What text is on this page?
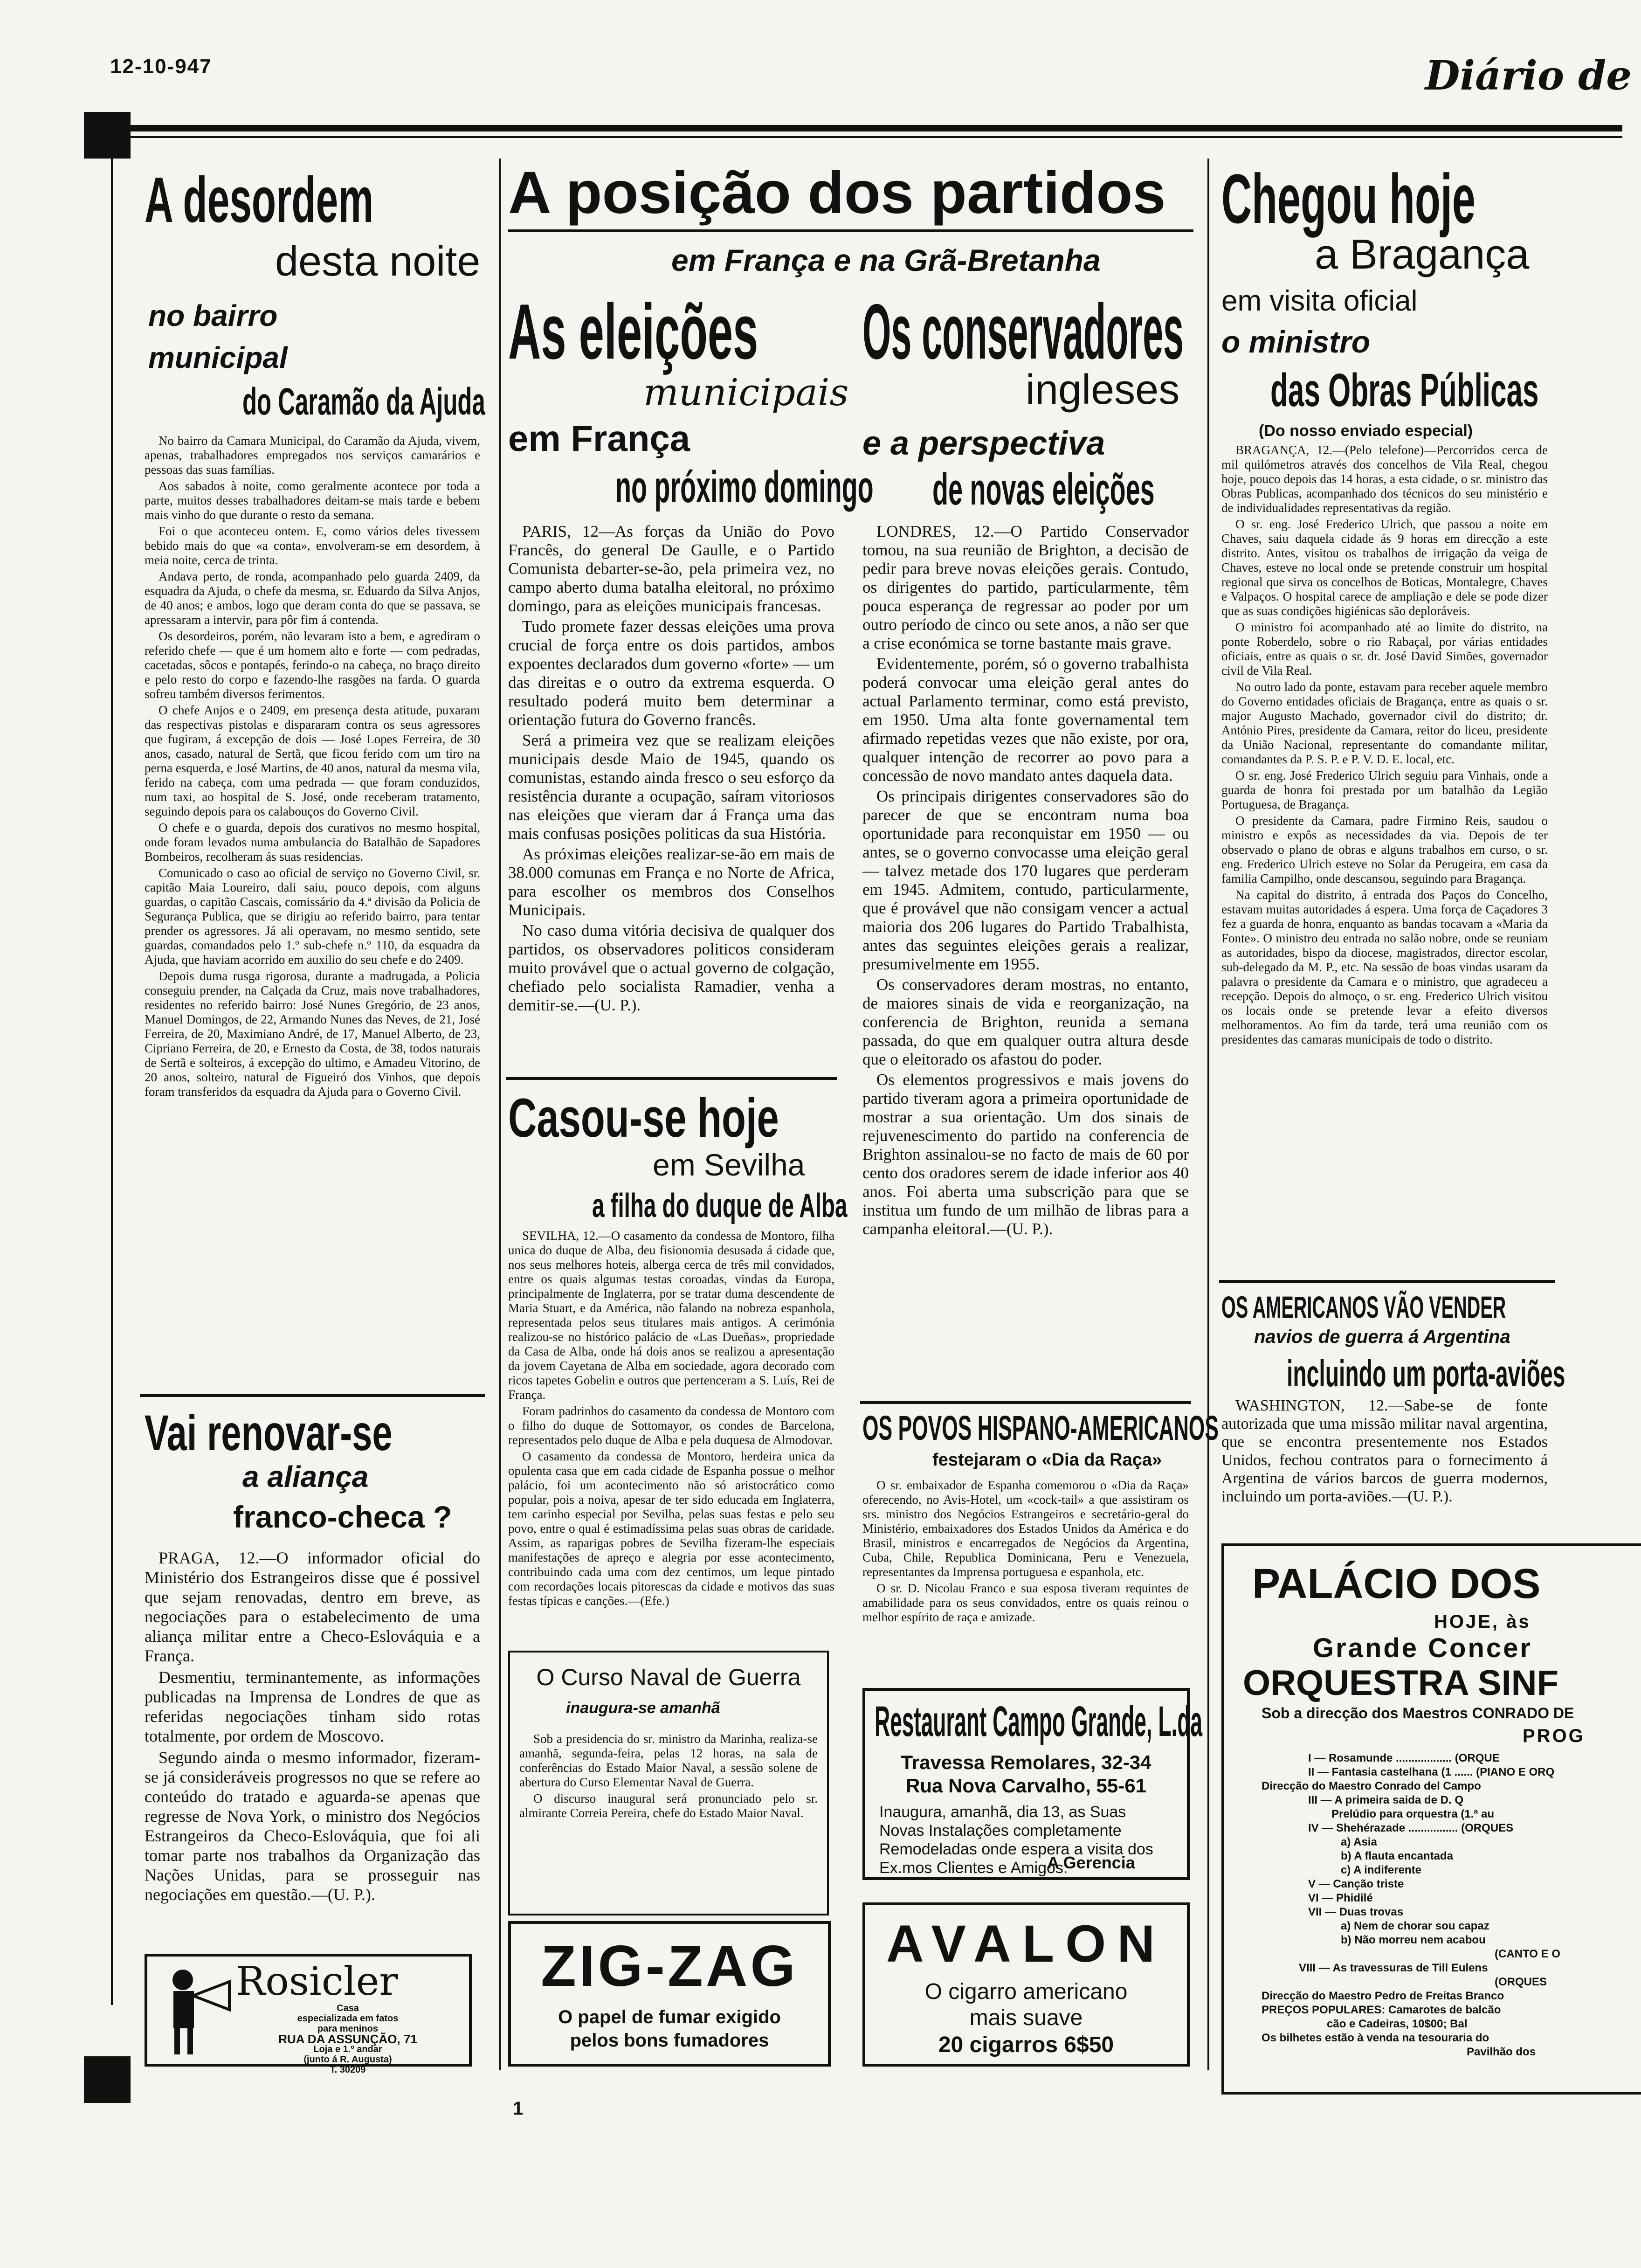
12-10-947	Diário de
A desordem
desta noite
no bairro
municipal
do Caramão da Ajuda

No bairro da Camara Municipal, do Caramão da Ajuda, vivem, apenas, trabalhadores empregados nos serviços camarários e pessoas das suas famílias.

Aos sabados à noite, como geralmente acontece por toda a parte, muitos desses trabalhadores deitam-se mais tarde e bebem mais vinho do que durante o resto da semana.

Foi o que aconteceu ontem. E, como vários deles tivessem bebido mais do que «a conta», envolveram-se em desordem, à meia noite, cerca de trinta.

Andava perto, de ronda, acompanhado pelo guarda 2409, da esquadra da Ajuda, o chefe da mesma, sr. Eduardo da Silva Anjos, de 40 anos; e ambos, logo que deram conta do que se passava, se apressaram a intervir, para pôr fim á contenda.

Os desordeiros, porém, não levaram isto a bem, e agrediram o referido chefe — que é um homem alto e forte — com pedradas, cacetadas, sôcos e pontapés, ferindo-o na cabeça, no braço direito e pelo resto do corpo e fazendo-lhe rasgões na farda. O guarda sofreu também diversos ferimentos.

O chefe Anjos e o 2409, em presença desta atitude, puxaram das respectivas pistolas e dispararam contra os seus agressores que fugiram, á excepção de dois — José Lopes Ferreira, de 30 anos, casado, natural de Sertã, que ficou ferido com um tiro na perna esquerda, e José Martins, de 40 anos, natural da mesma vila, ferido na cabeça, com uma pedrada — que foram conduzidos, num taxi, ao hospital de S. José, onde receberam tratamento, seguindo depois para os calabouços do Governo Civil.

O chefe e o guarda, depois dos curativos no mesmo hospital, onde foram levados numa ambulancia do Batalhão de Sapadores Bombeiros, recolheram ás suas residencias.

Comunicado o caso ao oficial de serviço no Governo Civil, sr. capitão Maia Loureiro, dali saiu, pouco depois, com alguns guardas, o capitão Cascais, comissário da 4.ª divisão da Policia de Segurança Publica, que se dirigiu ao referido bairro, para tentar prender os agressores. Já ali operavam, no mesmo sentido, sete guardas, comandados pelo 1.º sub-chefe n.º 110, da esquadra da Ajuda, que haviam acorrido em auxilio do seu chefe e do 2409.

Depois duma rusga rigorosa, durante a madrugada, a Policia conseguiu prender, na Calçada da Cruz, mais nove trabalhadores, residentes no referido bairro: José Nunes Gregório, de 23 anos, Manuel Domingos, de 22, Armando Nunes das Neves, de 21, José Ferreira, de 20, Maximiano André, de 17, Manuel Alberto, de 23, Cipriano Ferreira, de 20, e Ernesto da Costa, de 38, todos naturais de Sertã e solteiros, á excepção do ultimo, e Amadeu Vitorino, de 20 anos, solteiro, natural de Figueiró dos Vinhos, que depois foram transferidos da esquadra da Ajuda para o Governo Civil.

Vai renovar-se
a aliança
franco-checa ?

PRAGA, 12.—O informador oficial do Ministério dos Estrangeiros disse que é possivel que sejam renovadas, dentro em breve, as negociações para o estabelecimento de uma aliança militar entre a Checo-Eslováquia e a França.

Desmentiu, terminantemente, as informações publicadas na Imprensa de Londres de que as referidas negociações tinham sido rotas totalmente, por ordem de Moscovo.

Segundo ainda o mesmo informador, fizeram-se já consideráveis progressos no que se refere ao conteúdo do tratado e aguarda-se apenas que regresse de Nova York, o ministro dos Negócios Estrangeiros da Checo-Eslováquia, que foi ali tomar parte nos trabalhos da Organização das Nações Unidas, para se prosseguir nas negociações em questão.—(U. P.).

Rosicler
Casa
especializada em fatos
para meninos
RUA DA ASSUNÇÃO, 71
Loja e 1.º andar
(junto á R. Augusta)
T. 30209
A posição dos partidos
em França e na Grã-Bretanha
As eleições
municipais
em França
no próximo domingo

PARIS, 12—As forças da União do Povo Francês, do general De Gaulle, e o Partido Comunista debarter-se-ão, pela primeira vez, no campo aberto duma batalha eleitoral, no próximo domingo, para as eleições municipais francesas.

Tudo promete fazer dessas eleições uma prova crucial de força entre os dois partidos, ambos expoentes declarados dum governo «forte» — um das direitas e o outro da extrema esquerda. O resultado poderá muito bem determinar a orientação futura do Governo francês.

Será a primeira vez que se realizam eleições municipais desde Maio de 1945, quando os comunistas, estando ainda fresco o seu esforço da resistência durante a ocupação, saíram vitoriosos nas eleições que vieram dar á França uma das mais confusas posições politicas da sua História.

As próximas eleições realizar-se-ão em mais de 38.000 comunas em França e no Norte de Africa, para escolher os membros dos Conselhos Municipais.

No caso duma vitória decisiva de qualquer dos partidos, os observadores politicos consideram muito provável que o actual governo de colgação, chefiado pelo socialista Ramadier, venha a demitir-se.—(U. P.).

Os conservadores
ingleses
e a perspectiva
de novas eleições

LONDRES, 12.—O Partido Conservador tomou, na sua reunião de Brighton, a decisão de pedir para breve novas eleições gerais. Contudo, os dirigentes do partido, particularmente, têm pouca esperança de regressar ao poder por um outro período de cinco ou sete anos, a não ser que a crise económica se torne bastante mais grave.

Evidentemente, porém, só o governo trabalhista poderá convocar uma eleição geral antes do actual Parlamento terminar, como está previsto, em 1950. Uma alta fonte governamental tem afirmado repetidas vezes que não existe, por ora, qualquer intenção de recorrer ao povo para a concessão de novo mandato antes daquela data.

Os principais dirigentes conservadores são do parecer de que se encontram numa boa oportunidade para reconquistar em 1950 — ou antes, se o governo convocasse uma eleição geral — talvez metade dos 170 lugares que perderam em 1945. Admitem, contudo, particularmente, que é provável que não consigam vencer a actual maioria dos 206 lugares do Partido Trabalhista, antes das seguintes eleições gerais a realizar, presumivelmente em 1955.

Os conservadores deram mostras, no entanto, de maiores sinais de vida e reorganização, na conferencia de Brighton, reunida a semana passada, do que em qualquer outra altura desde que o eleitorado os afastou do poder.

Os elementos progressivos e mais jovens do partido tiveram agora a primeira oportunidade de mostrar a sua orientação. Um dos sinais de rejuvenescimento do partido na conferencia de Brighton assinalou-se no facto de mais de 60 por cento dos oradores serem de idade inferior aos 40 anos. Foi aberta uma subscrição para que se institua um fundo de um milhão de libras para a campanha eleitoral.—(U. P.).

Casou-se hoje
em Sevilha
a filha do duque de Alba

SEVILHA, 12.—O casamento da condessa de Montoro, filha unica do duque de Alba, deu fisionomia desusada á cidade que, nos seus melhores hoteis, alberga cerca de três mil convidados, entre os quais algumas testas coroadas, vindas da Europa, principalmente de Inglaterra, por se tratar duma descendente de Maria Stuart, e da América, não falando na nobreza espanhola, representada pelos seus titulares mais antigos. A cerimónia realizou-se no histórico palácio de «Las Dueñas», propriedade da Casa de Alba, onde há dois anos se realizou a apresentação da jovem Cayetana de Alba em sociedade, agora decorado com ricos tapetes Gobelin e outros que pertenceram a S. Luís, Rei de França.

Foram padrinhos do casamento da condessa de Montoro com o filho do duque de Sottomayor, os condes de Barcelona, representados pelo duque de Alba e pela duquesa de Almodovar.

O casamento da condessa de Montoro, herdeira unica da opulenta casa que em cada cidade de Espanha possue o melhor palácio, foi um acontecimento não só aristocrático como popular, pois a noiva, apesar de ter sido educada em Inglaterra, tem carinho especial por Sevilha, pelas suas festas e pelo seu povo, entre o qual é estimadíssima pelas suas obras de caridade. Assim, as raparigas pobres de Sevilha fizeram-lhe especiais manifestações de apreço e alegria por esse acontecimento, contribuindo cada uma com dez centimos, um leque pintado com recordações locais pitorescas da cidade e motivos das suas festas típicas e canções.—(Efe.)

O Curso Naval de Guerra
inaugura-se amanhã

Sob a presidencia do sr. ministro da Marinha, realiza-se amanhã, segunda-feira, pelas 12 horas, na sala de conferências do Estado Maior Naval, a sessão solene de abertura do Curso Elementar Naval de Guerra.

O discurso inaugural será pronunciado pelo sr. almirante Correia Pereira, chefe do Estado Maior Naval.

ZIG-ZAG
O papel de fumar exigido
pelos bons fumadores
OS POVOS HISPANO-AMERICANOS
festejaram o «Dia da Raça»

O sr. embaixador de Espanha comemorou o «Dia da Raça» oferecendo, no Avis-Hotel, um «cock-tail» a que assistiram os srs. ministro dos Negócios Estrangeiros e secretário-geral do Ministério, embaixadores dos Estados Unidos da América e do Brasil, ministros e encarregados de Negócios da Argentina, Cuba, Chile, Republica Dominicana, Peru e Venezuela, representantes da Imprensa portuguesa e espanhola, etc.

O sr. D. Nicolau Franco e sua esposa tiveram requintes de amabilidade para os seus convidados, entre os quais reinou o melhor espírito de raça e amizade.

Restaurant Campo Grande, L.da
Travessa Remolares, 32-34
Rua Nova Carvalho, 55-61
Inaugura, amanhã, dia 13, as Suas Novas Instalações completamente Remodeladas onde espera a visita dos Ex.mos Clientes e Amigos.
A Gerencia
AVALON
O cigarro americano
mais suave
20 cigarros 6$50
Chegou hoje
a Bragança
em visita oficial
o ministro
das Obras Públicas
(Do nosso enviado especial)

BRAGANÇA, 12.—(Pelo telefone)—Percorridos cerca de mil quilómetros através dos concelhos de Vila Real, chegou hoje, pouco depois das 14 horas, a esta cidade, o sr. ministro das Obras Publicas, acompanhado dos técnicos do seu ministério e de individualidades representativas da região.

O sr. eng. José Frederico Ulrich, que passou a noite em Chaves, saiu daquela cidade ás 9 horas em direcção a este distrito. Antes, visitou os trabalhos de irrigação da veiga de Chaves, esteve no local onde se pretende construir um hospital regional que sirva os concelhos de Boticas, Montalegre, Chaves e Valpaços. O hospital carece de ampliação e dele se pode dizer que as suas condições higiénicas são deploráveis.

O ministro foi acompanhado até ao limite do distrito, na ponte Roberdelo, sobre o rio Rabaçal, por várias entidades oficiais, entre as quais o sr. dr. José David Simões, governador civil de Vila Real.

No outro lado da ponte, estavam para receber aquele membro do Governo entidades oficiais de Bragança, entre as quais o sr. major Augusto Machado, governador civil do distrito; dr. António Pires, presidente da Camara, reitor do liceu, presidente da União Nacional, representante do comandante militar, comandantes da P. S. P. e P. V. D. E. local, etc.

O sr. eng. José Frederico Ulrich seguiu para Vinhais, onde a guarda de honra foi prestada por um batalhão da Legião Portuguesa, de Bragança.

O presidente da Camara, padre Firmino Reis, saudou o ministro e expôs as necessidades da via. Depois de ter observado o plano de obras e alguns trabalhos em curso, o sr. eng. Frederico Ulrich esteve no Solar da Perugeira, em casa da familia Campilho, onde descansou, seguindo para Bragança.

Na capital do distrito, á entrada dos Paços do Concelho, estavam muitas autoridades á espera. Uma força de Caçadores 3 fez a guarda de honra, enquanto as bandas tocavam a «Maria da Fonte». O ministro deu entrada no salão nobre, onde se reuniam as autoridades, bispo da diocese, magistrados, director escolar, sub-delegado da M. P., etc. Na sessão de boas vindas usaram da palavra o presidente da Camara e o ministro, que agradeceu a recepção. Depois do almoço, o sr. eng. Frederico Ulrich visitou os locais onde se pretende levar a efeito diversos melhoramentos. Ao fim da tarde, terá uma reunião com os presidentes das camaras municipais de todo o distrito.

OS AMERICANOS VÃO VENDER
navios de guerra á Argentina
incluindo um porta-aviões

WASHINGTON, 12.—Sabe-se de fonte autorizada que uma missão militar naval argentina, que se encontra presentemente nos Estados Unidos, fechou contratos para o fornecimento á Argentina de vários barcos de guerra modernos, incluindo um porta-aviões.—(U. P.).

PALÁCIO DOS
HOJE, às
Grande Concer
ORQUESTRA SINF
Sob a direcção dos Maestros CONRADO DE
PROG
I — Rosamunde .................. (ORQUE
II — Fantasia castelhana (1 ...... (PIANO E ORQ
Direcção do Maestro Conrado del Campo
III — A primeira saida de D. Q
Prelúdio para orquestra (1.ª au
IV — Shehérazade ................ (ORQUES
a) Asia
b) A flauta encantada
c) A indiferente
V — Canção triste
VI — Phidilé
VII — Duas trovas
a) Nem de chorar sou capaz
b) Não morreu nem acabou
(CANTO E O
VIII — As travessuras de Till Eulens
(ORQUES
Direcção do Maestro Pedro de Freitas Branco
PREÇOS POPULARES: Camarotes de balcão
cão e Cadeiras, 10$00; Bal
Os bilhetes estão à venda na tesouraria do
Pavilhão dos
1
